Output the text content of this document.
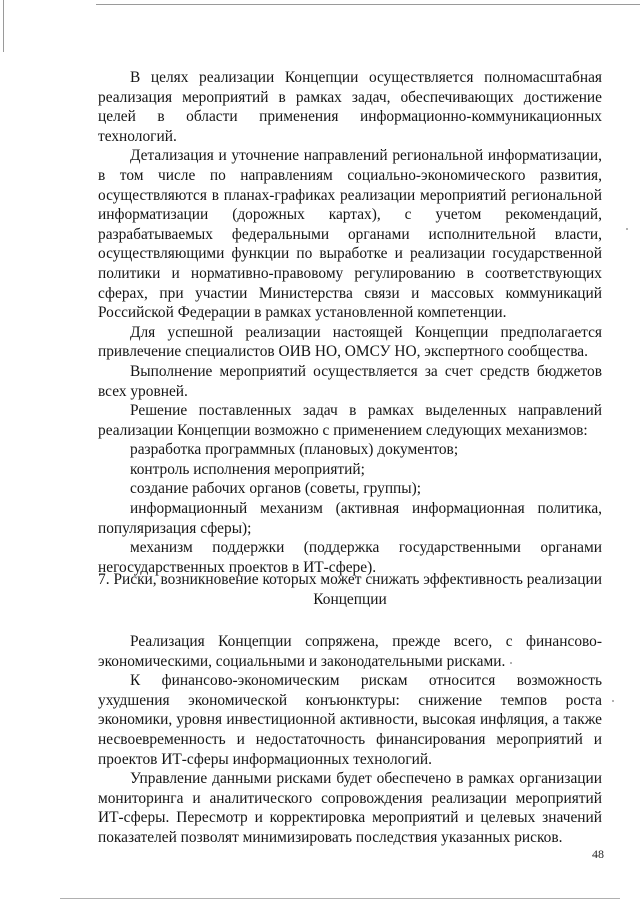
В целях реализации Концепции осуществляется полномасштабная реализация мероприятий в рамках задач, обеспечивающих достижение целей в области применения информационно-коммуникационных технологий.

Детализация и уточнение направлений региональной информатизации, в том числе по направлениям социально-экономического развития, осуществляются в планах-графиках реализации мероприятий региональной информатизации (дорожных картах), с учетом рекомендаций, разрабатываемых федеральными органами исполнительной власти, осуществляющими функции по выработке и реализации государственной политики и нормативно-правовому регулированию в соответствующих сферах, при участии Министерства связи и массовых коммуникаций Российской Федерации в рамках установленной компетенции.

Для успешной реализации настоящей Концепции предполагается привлечение специалистов ОИВ НО, ОМСУ НО, экспертного сообщества.

Выполнение мероприятий осуществляется за счет средств бюджетов всех уровней.

Решение поставленных задач в рамках выделенных направлений реализации Концепции возможно с применением следующих механизмов:

разработка программных (плановых) документов;

контроль исполнения мероприятий;

создание рабочих органов (советы, группы);

информационный механизм (активная информационная политика, популяризация сферы);

механизм поддержки (поддержка государственными органами негосударственных проектов в ИТ-сфере).

7. Риски, возникновение которых может снижать эффективность реализации
Концепции

Реализация Концепции сопряжена, прежде всего, с финансово-экономическими, социальными и законодательными рисками.

К финансово-экономическим рискам относится возможность ухудшения экономической конъюнктуры: снижение темпов роста экономики, уровня инвестиционной активности, высокая инфляция, а также несвоевременность и недостаточность финансирования мероприятий и проектов ИТ-сферы информационных технологий.

Управление данными рисками будет обеспечено в рамках организации мониторинга и аналитического сопровождения реализации мероприятий ИТ-сферы. Пересмотр и корректировка мероприятий и целевых значений показателей позволят минимизировать последствия указанных рисков.

48
